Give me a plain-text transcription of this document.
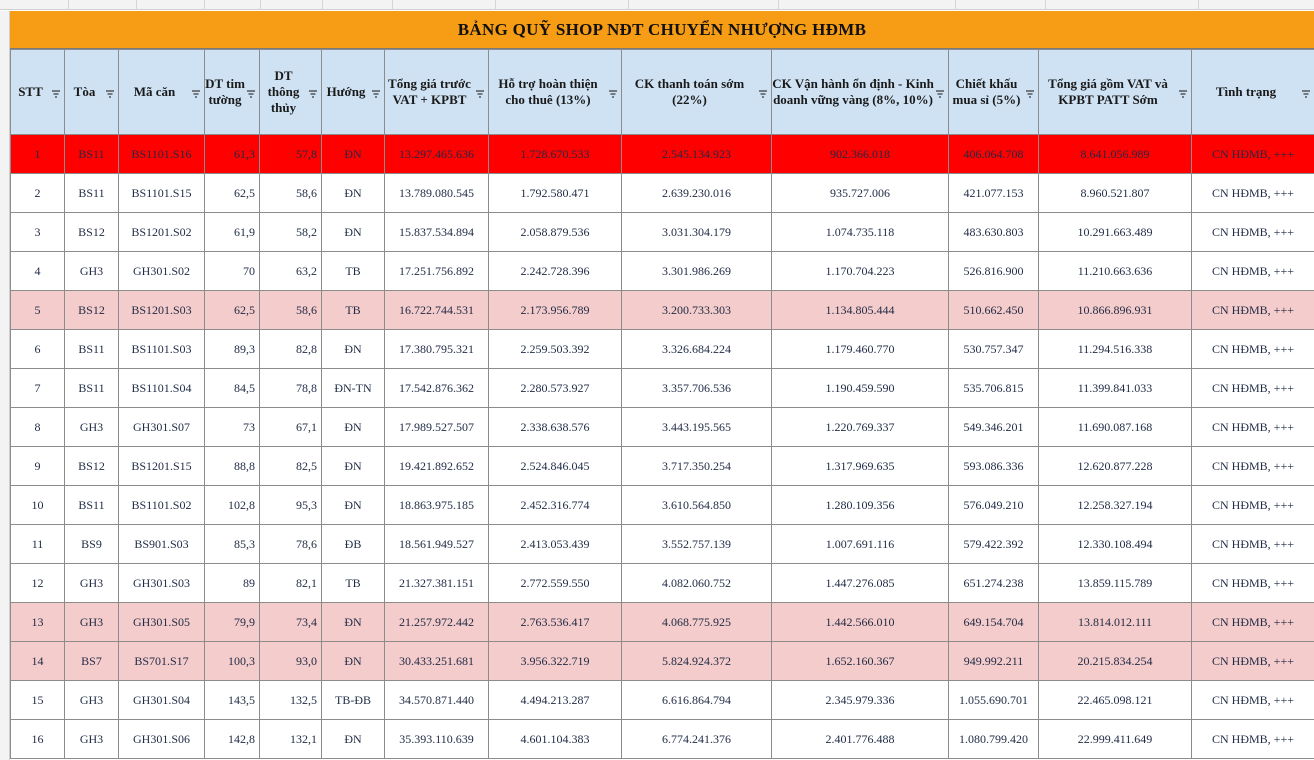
BẢNG QUỸ SHOP NĐT CHUYỂN NHƯỢNG HĐMB
STT	Tòa	Mã căn	DT tim tường	DT thông thủy	Hướng	Tổng giá trước VAT + KPBT	Hỗ trợ hoàn thiện cho thuê (13%)	CK thanh toán sớm (22%)	CK Vận hành ổn định - Kinh doanh vững vàng (8%, 10%)	Chiết khấu mua sỉ (5%)	Tổng giá gồm VAT và KPBT PATT Sớm	Tình trạng

1	BS11	BS1101.S16	61,3	57,8	ĐN	13.297.465.636	1.728.670.533	2.545.134.923	902.366.018	406.064.708	8.641.056.989	CN HĐMB, +++

2	BS11	BS1101.S15	62,5	58,6	ĐN	13.789.080.545	1.792.580.471	2.639.230.016	935.727.006	421.077.153	8.960.521.807	CN HĐMB, +++

3	BS12	BS1201.S02	61,9	58,2	ĐN	15.837.534.894	2.058.879.536	3.031.304.179	1.074.735.118	483.630.803	10.291.663.489	CN HĐMB, +++

4	GH3	GH301.S02	70	63,2	TB	17.251.756.892	2.242.728.396	3.301.986.269	1.170.704.223	526.816.900	11.210.663.636	CN HĐMB, +++

5	BS12	BS1201.S03	62,5	58,6	TB	16.722.744.531	2.173.956.789	3.200.733.303	1.134.805.444	510.662.450	10.866.896.931	CN HĐMB, +++

6	BS11	BS1101.S03	89,3	82,8	ĐN	17.380.795.321	2.259.503.392	3.326.684.224	1.179.460.770	530.757.347	11.294.516.338	CN HĐMB, +++

7	BS11	BS1101.S04	84,5	78,8	ĐN-TN	17.542.876.362	2.280.573.927	3.357.706.536	1.190.459.590	535.706.815	11.399.841.033	CN HĐMB, +++

8	GH3	GH301.S07	73	67,1	ĐN	17.989.527.507	2.338.638.576	3.443.195.565	1.220.769.337	549.346.201	11.690.087.168	CN HĐMB, +++

9	BS12	BS1201.S15	88,8	82,5	ĐN	19.421.892.652	2.524.846.045	3.717.350.254	1.317.969.635	593.086.336	12.620.877.228	CN HĐMB, +++

10	BS11	BS1101.S02	102,8	95,3	ĐN	18.863.975.185	2.452.316.774	3.610.564.850	1.280.109.356	576.049.210	12.258.327.194	CN HĐMB, +++

11	BS9	BS901.S03	85,3	78,6	ĐB	18.561.949.527	2.413.053.439	3.552.757.139	1.007.691.116	579.422.392	12.330.108.494	CN HĐMB, +++

12	GH3	GH301.S03	89	82,1	TB	21.327.381.151	2.772.559.550	4.082.060.752	1.447.276.085	651.274.238	13.859.115.789	CN HĐMB, +++

13	GH3	GH301.S05	79,9	73,4	ĐN	21.257.972.442	2.763.536.417	4.068.775.925	1.442.566.010	649.154.704	13.814.012.111	CN HĐMB, +++

14	BS7	BS701.S17	100,3	93,0	ĐN	30.433.251.681	3.956.322.719	5.824.924.372	1.652.160.367	949.992.211	20.215.834.254	CN HĐMB, +++

15	GH3	GH301.S04	143,5	132,5	TB-ĐB	34.570.871.440	4.494.213.287	6.616.864.794	2.345.979.336	1.055.690.701	22.465.098.121	CN HĐMB, +++

16	GH3	GH301.S06	142,8	132,1	ĐN	35.393.110.639	4.601.104.383	6.774.241.376	2.401.776.488	1.080.799.420	22.999.411.649	CN HĐMB, +++
